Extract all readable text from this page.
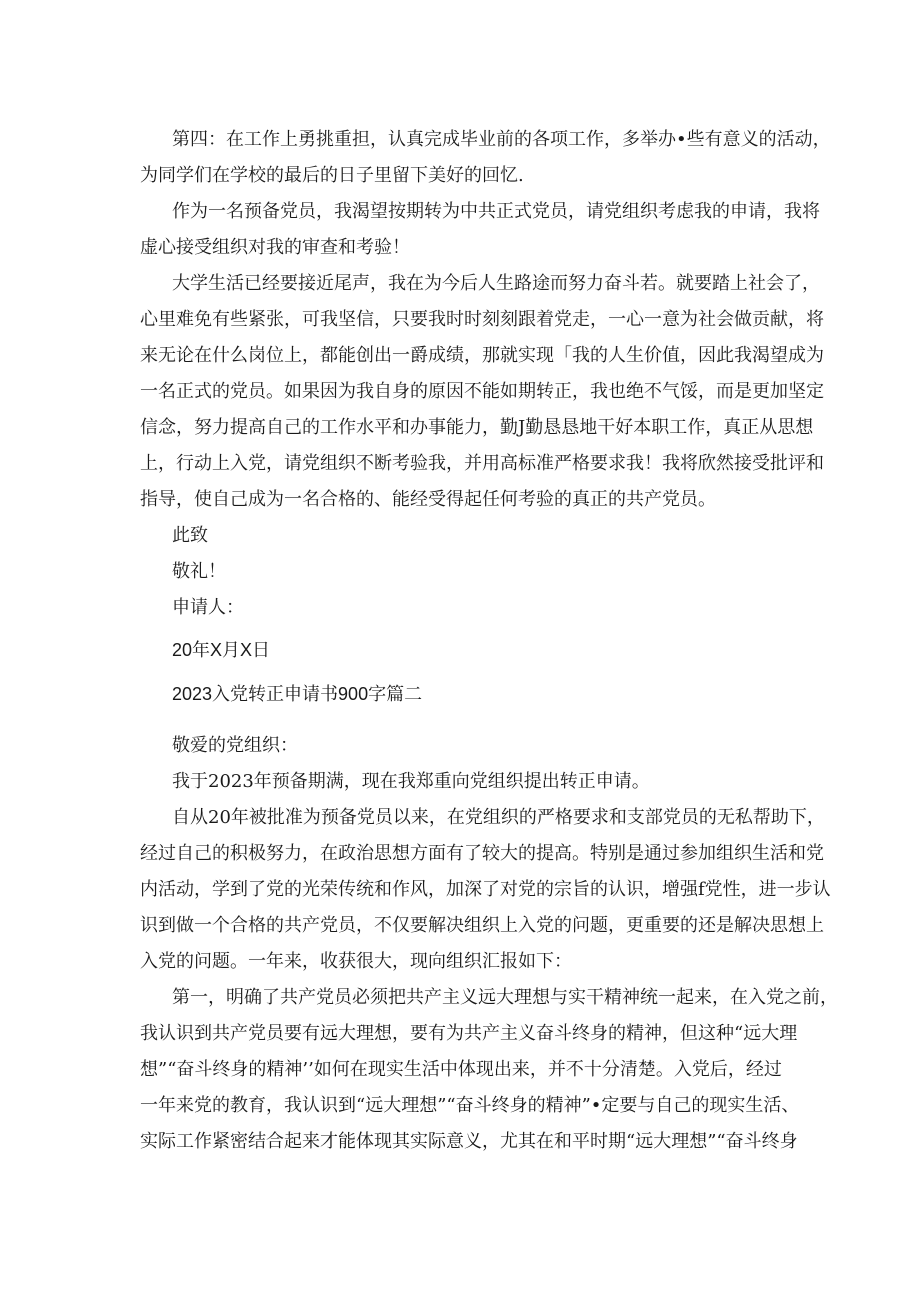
第四：在工作上勇挑重担，认真完成毕业前的各项工作，多举办•些有意义的活动，
为同学们在学校的最后的日子里留下美好的回忆.
作为一名预备党员，我渴望按期转为中共正式党员，请党组织考虑我的申请，我将
虚心接受组织对我的审查和考验！
大学生活已经要接近尾声，我在为今后人生路途而努力奋斗若。就要踏上社会了，
心里难免有些紧张，可我坚信，只要我时时刻刻跟着党走，一心一意为社会做贡献，将
来无论在什么岗位上，都能创出一爵成绩，那就实现「我的人生价值，因此我渴望成为
一名正式的党员。如果因为我自身的原因不能如期转正，我也绝不气馁，而是更加坚定
信念，努力提高自己的工作水平和办事能力，勤J勤恳恳地干好本职工作，真正从思想
上，行动上入党，请党组织不断考验我，并用高标准严格要求我！我将欣然接受批评和
指导，使自己成为一名合格的、能经受得起任何考验的真正的共产党员。
此致
敬礼！
申请人：
20年X月X日
2023入党转正申请书900字篇二
敬爱的党组织：
我于2023年预备期满，现在我郑重向党组织提出转正申请。
自从20年被批准为预备党员以来，在党组织的严格要求和支部党员的无私帮助下，
经过自己的积极努力，在政治思想方面有了较大的提高。特别是通过参加组织生活和党
内活动，学到了党的光荣传统和作风，加深了对党的宗旨的认识，增强f党性，进一步认
识到做一个合格的共产党员，不仅要解决组织上入党的问题，更重要的还是解决思想上
入党的问题。一年来，收获很大，现向组织汇报如下：
第一，明确了共产党员必须把共产主义远大理想与实干精神统一起来，在入党之前，
我认识到共产党员要有远大理想，要有为共产主义奋斗终身的精神，但这种“远大理
想”“奋斗终身的精神’’如何在现实生活中体现出来，并不十分清楚。入党后，经过
一年来党的教育，我认识到“远大理想”“奋斗终身的精神”•定要与自己的现实生活、
实际工作紧密结合起来才能体现其实际意义，尤其在和平时期“远大理想”“奋斗终身
